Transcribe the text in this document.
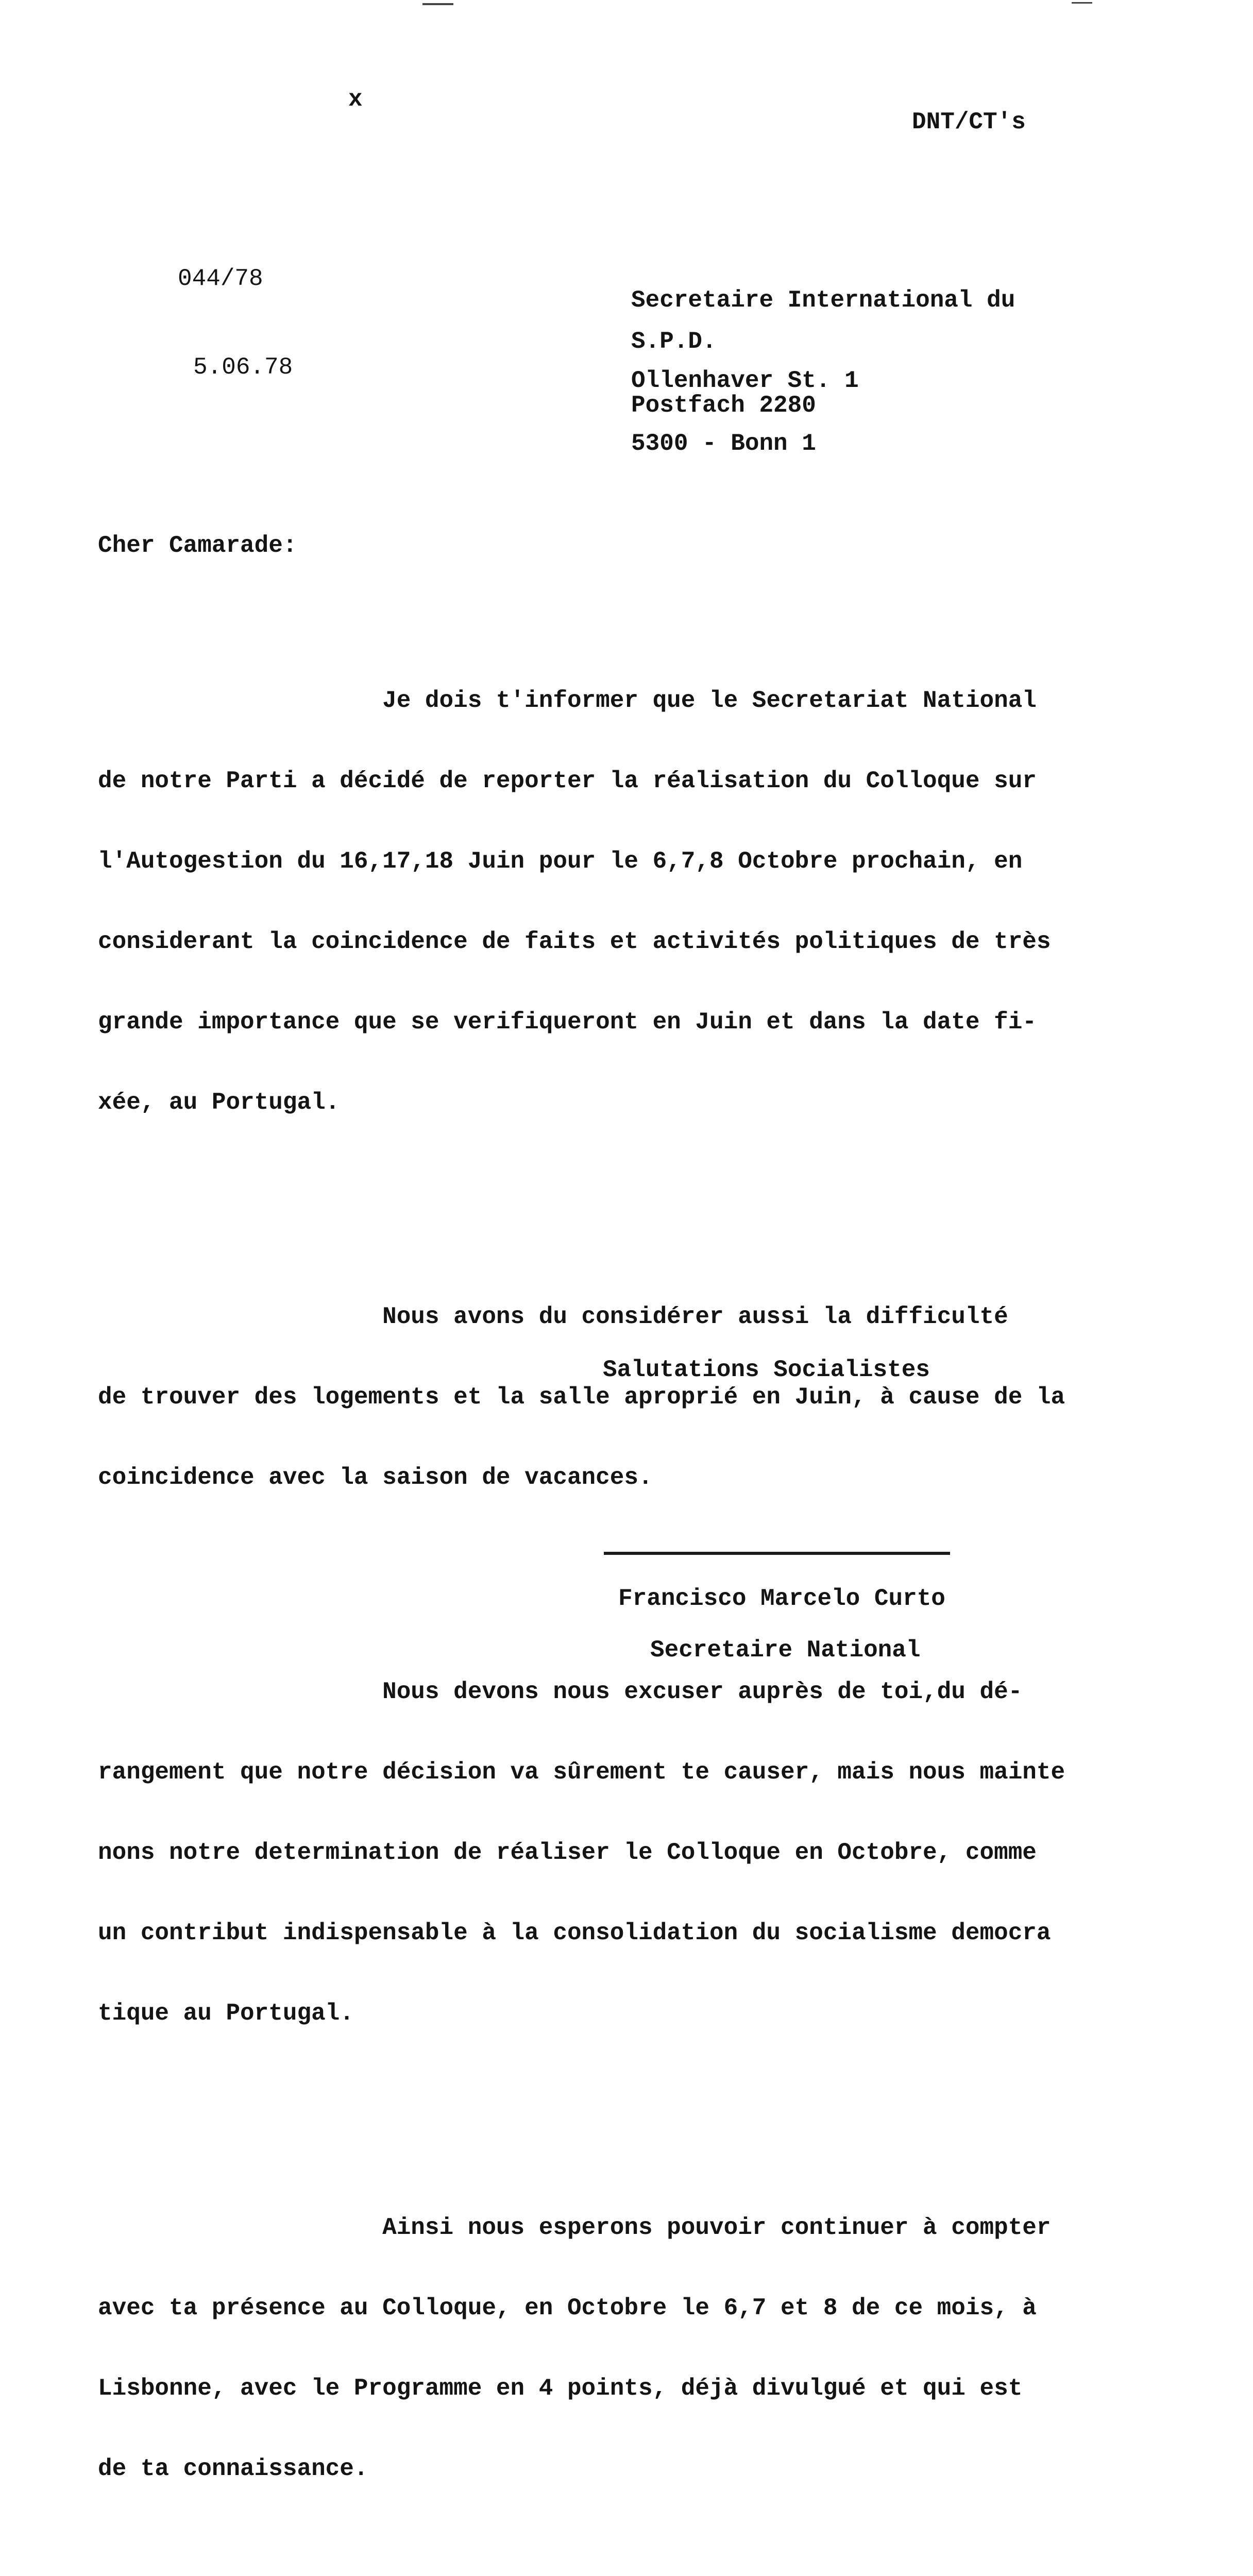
x
DNT/CT's
044/78
5.06.78
Secretaire International du
S.P.D.
Ollenhaver St. 1
Postfach 2280
5300 - Bonn 1
Cher Camarade:

Je dois t'informer que le Secretariat National

de notre Parti a décidé de reporter la réalisation du Colloque sur

l'Autogestion du 16,17,18 Juin pour le 6,7,8 Octobre prochain, en

considerant la coincidence de faits et activités politiques de très

grande importance que se verifiqueront en Juin et dans la date fi-

xée, au Portugal.

Nous avons du considérer aussi la difficulté

de trouver des logements et la salle aproprié en Juin, à cause de la

coincidence avec la saison de vacances.

Nous devons nous excuser auprès de toi,du dé-

rangement que notre décision va sûrement te causer, mais nous mainte

nons notre determination de réaliser le Colloque en Octobre, comme

un contribut indispensable à la consolidation du socialisme democra

tique au Portugal.

Ainsi nous esperons pouvoir continuer à compter

avec ta présence au Colloque, en Octobre le 6,7 et 8 de ce mois, à

Lisbonne, avec le Programme en 4 points, déjà divulgué et qui est

de ta connaissance.

Salutations Socialistes
Francisco Marcelo Curto
Secretaire National
